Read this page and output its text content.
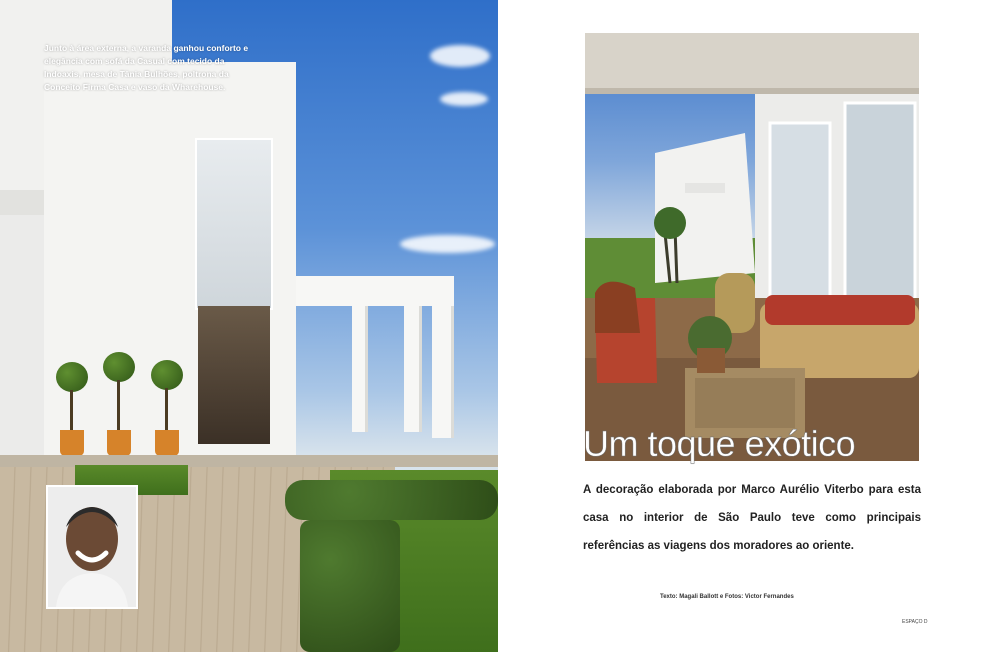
Junto à área externa, a varanda ganhou conforto e elegância com sofá da Casual com tecido da Indoaxis, mesa de Tânia Bulhões, poltrona da Conceito Firma Casa e vaso da Wharehouse.
Um toque exótico
A decoração elaborada por Marco Aurélio Viterbo para esta casa no interior de São Paulo teve como principais referências as viagens dos moradores ao oriente.
Texto: Magali Ballott e Fotos: Victor Fernandes
ESPAÇO D
